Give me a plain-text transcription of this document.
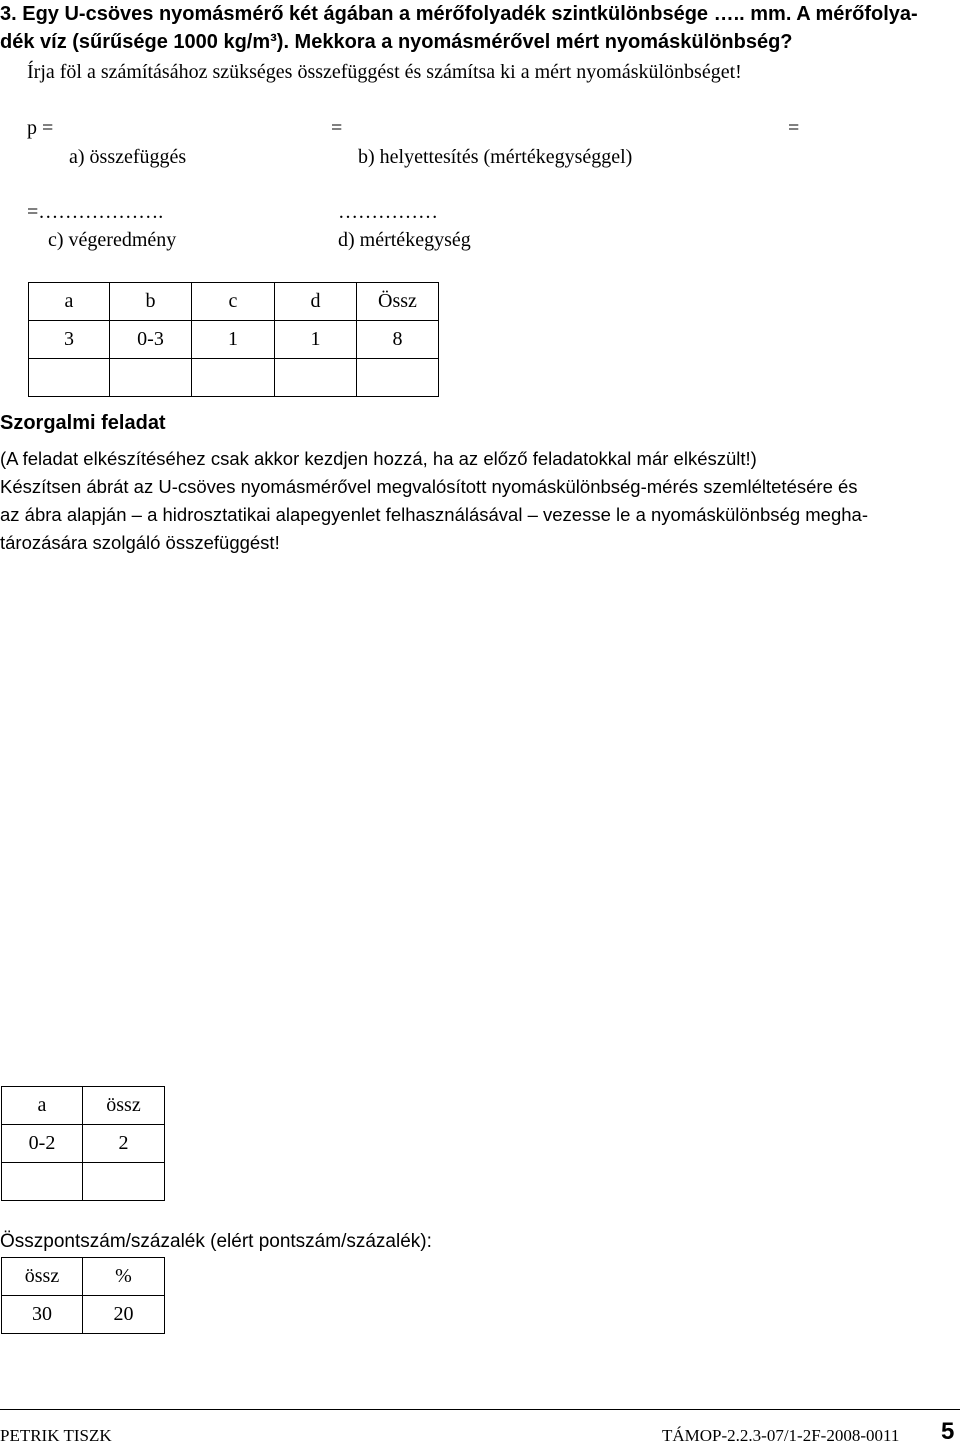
3. Egy U-csöves nyomásmérő két ágában a mérőfolyadék szintkülönbsége ….. mm. A mérőfolya-
dék víz (sűrűsége 1000 kg/m³). Mekkora a nyomásmérővel mért nyomáskülönbség?
Írja föl a számításához szükséges összefüggést és számítsa ki a mért nyomáskülönbséget!
p =	=	=
a) összefüggés	b) helyettesítés (mértékegységgel)
=……………….	……………
c) végeredmény	d) mértékegység
a	b	c	d	Össz
3	0-3	1	1	8

Szorgalmi feladat
(A feladat elkészítéséhez csak akkor kezdjen hozzá, ha az előző feladatokkal már elkészült!)
Készítsen ábrát az U-csöves nyomásmérővel megvalósított nyomáskülönbség-mérés szemléltetésére és
az ábra alapján – a hidrosztatikai alapegyenlet felhasználásával – vezesse le a nyomáskülönbség megha-
tározására szolgáló összefüggést!
a	össz
0-2	2

Összpontszám/százalék (elért pontszám/százalék):
össz	%
30	20
PETRIK TISZK	TÁMOP-2.2.3-07/1-2F-2008-0011 5
